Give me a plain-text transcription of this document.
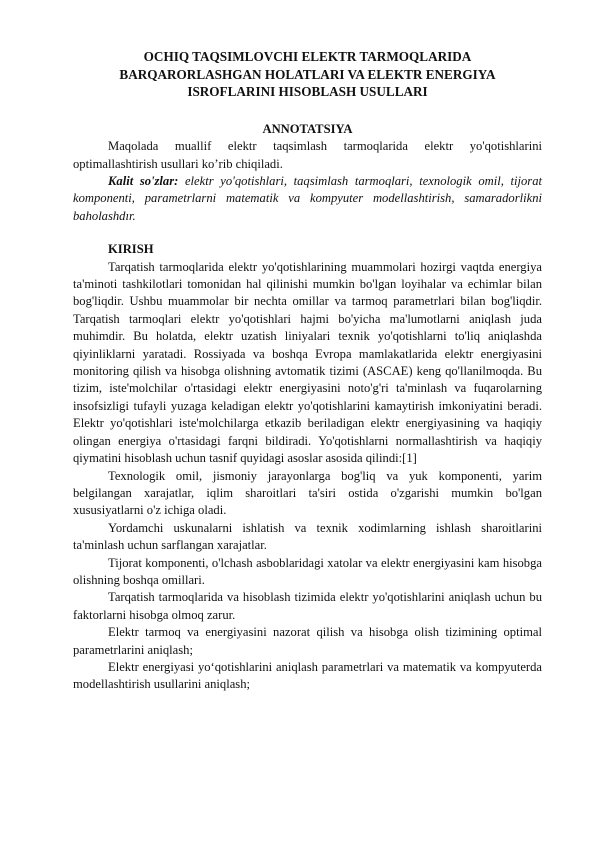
OCHIQ TAQSIMLOVCHI ELEKTR TARMOQLARIDA
BARQARORLASHGAN HOLATLARI VA ELEKTR ENERGIYA
ISROFLARINI HISOBLASH USULLARI
ANNOTATSIYA

Maqolada muallif elektr taqsimlash tarmoqlarida elektr yo'qotishlarini optimallashtirish usullari ko’rib chiqiladi.

Kalit so'zlar: elektr yo'qotishlari, taqsimlash tarmoqlari, texnologik omil, tijorat komponenti, parametrlarni matematik va kompyuter modellashtirish, samaradorlikni baholashdır.

KIRISH

Tarqatish tarmoqlarida elektr yo'qotishlarining muammolari hozirgi vaqtda energiya ta'minoti tashkilotlari tomonidan hal qilinishi mumkin bo'lgan loyihalar va echimlar bilan bog'liqdir. Ushbu muammolar bir nechta omillar va tarmoq parametrlari bilan bog'liqdir. Tarqatish tarmoqlari elektr yo'qotishlari hajmi bo'yicha ma'lumotlarni aniqlash juda muhimdir. Bu holatda, elektr uzatish liniyalari texnik yo'qotishlarni to'liq aniqlashda qiyinliklarni yaratadi. Rossiyada va boshqa Evropa mamlakatlarida elektr energiyasini monitoring qilish va hisobga olishning avtomatik tizimi (ASCAE) keng qo'llanilmoqda. Bu tizim, iste'molchilar o'rtasidagi elektr energiyasini noto'g'ri ta'minlash va fuqarolarning insofsizligi tufayli yuzaga keladigan elektr yo'qotishlarini kamaytirish imkoniyatini beradi. Elektr yo'qotishlari iste'molchilarga etkazib beriladigan elektr energiyasining va haqiqiy olingan energiya o'rtasidagi farqni bildiradi. Yo'qotishlarni normallashtirish va haqiqiy qiymatini hisoblash uchun tasnif quyidagi asoslar asosida qilindi:[1]

Texnologik omil, jismoniy jarayonlarga bog'liq va yuk komponenti, yarim belgilangan xarajatlar, iqlim sharoitlari ta'siri ostida o'zgarishi mumkin bo'lgan xususiyatlarni o'z ichiga oladi.

Yordamchi uskunalarni ishlatish va texnik xodimlarning ishlash sharoitlarini ta'minlash uchun sarflangan xarajatlar.

Tijorat komponenti, o'lchash asboblaridagi xatolar va elektr energiyasini kam hisobga olishning boshqa omillari.

Tarqatish tarmoqlarida va hisoblash tizimida elektr yo'qotishlarini aniqlash uchun bu faktorlarni hisobga olmoq zarur.

Elektr tarmoq va energiyasini nazorat qilish va hisobga olish tizimining optimal parametrlarini aniqlash;

Elektr energiyasi yo‘qotishlarini aniqlash parametrlari va matematik va kompyuterda modellashtirish usullarini aniqlash;
